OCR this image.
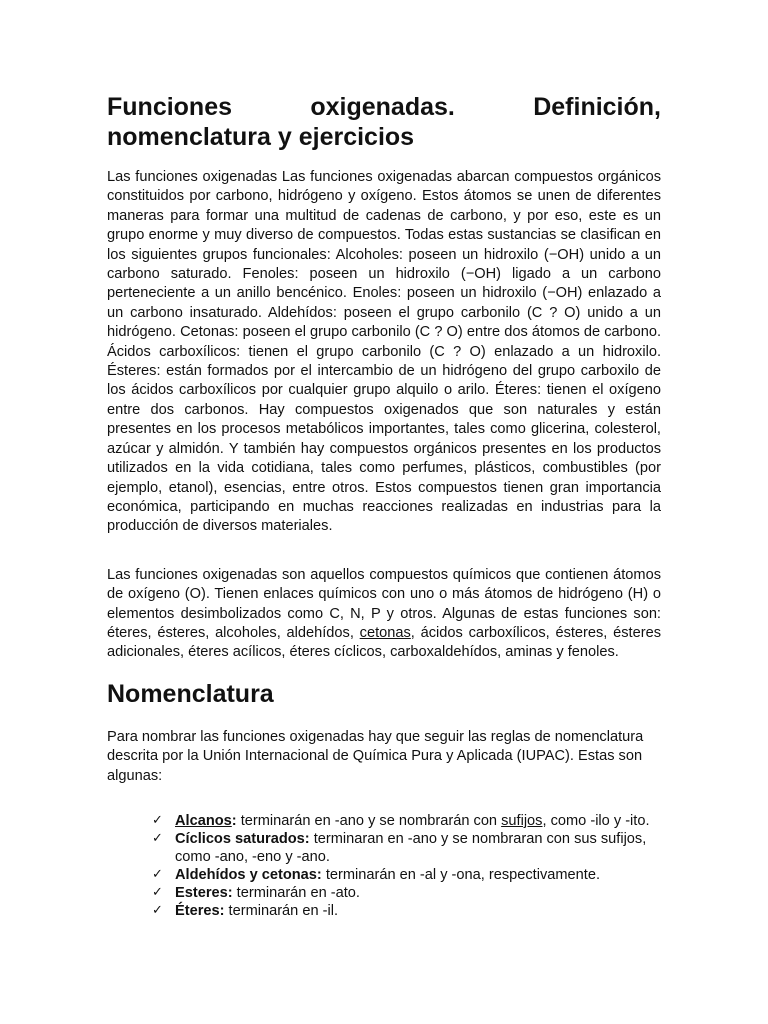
Funciones oxigenadas. Definición,
nomenclatura y ejercicios

Las funciones oxigenadas Las funciones oxigenadas abarcan compuestos orgánicos constituidos por carbono, hidrógeno y oxígeno. Estos átomos se unen de diferentes maneras para formar una multitud de cadenas de carbono, y por eso, este es un grupo enorme y muy diverso de compuestos. Todas estas sustancias se clasifican en los siguientes grupos funcionales: Alcoholes: poseen un hidroxilo (−OH) unido a un carbono saturado. Fenoles: poseen un hidroxilo (−OH) ligado a un carbono perteneciente a un anillo bencénico. Enoles: poseen un hidroxilo (−OH) enlazado a un carbono insaturado. Aldehídos: poseen el grupo carbonilo (C ? O) unido a un hidrógeno. Cetonas: poseen el grupo carbonilo (C ? O) entre dos átomos de carbono. Ácidos carboxílicos: tienen el grupo carbonilo (C ? O) enlazado a un hidroxilo. Ésteres: están formados por el intercambio de un hidrógeno del grupo carboxilo de los ácidos carboxílicos por cualquier grupo alquilo o arilo. Éteres: tienen el oxígeno entre dos carbonos. Hay compuestos oxigenados que son naturales y están presentes en los procesos metabólicos importantes, tales como glicerina, colesterol, azúcar y almidón. Y también hay compuestos orgánicos presentes en los productos utilizados en la vida cotidiana, tales como perfumes, plásticos, combustibles (por ejemplo, etanol), esencias, entre otros. Estos compuestos tienen gran importancia económica, participando en muchas reacciones realizadas en industrias para la producción de diversos materiales.

Las funciones oxigenadas son aquellos compuestos químicos que contienen átomos de oxígeno (O). Tienen enlaces químicos con uno o más átomos de hidrógeno (H) o elementos desimbolizados como C, N, P y otros. Algunas de estas funciones son: éteres, ésteres, alcoholes, aldehídos, cetonas, ácidos carboxílicos, ésteres, ésteres adicionales, éteres acílicos, éteres cíclicos, carboxaldehídos, aminas y fenoles.

Nomenclatura

Para nombrar las funciones oxigenadas hay que seguir las reglas de nomenclatura descrita por la Unión Internacional de Química Pura y Aplicada (IUPAC). Estas son algunas:

✓ Alcanos: terminarán en -ano y se nombrarán con sufijos, como -ilo y -ito.
✓ Cíclicos saturados: terminaran en -ano y se nombraran con sus sufijos, como -ano, -eno y -ano.
✓ Aldehídos y cetonas: terminarán en -al y -ona, respectivamente.
✓ Esteres: terminarán en -ato.
✓ Éteres: terminarán en -il.
